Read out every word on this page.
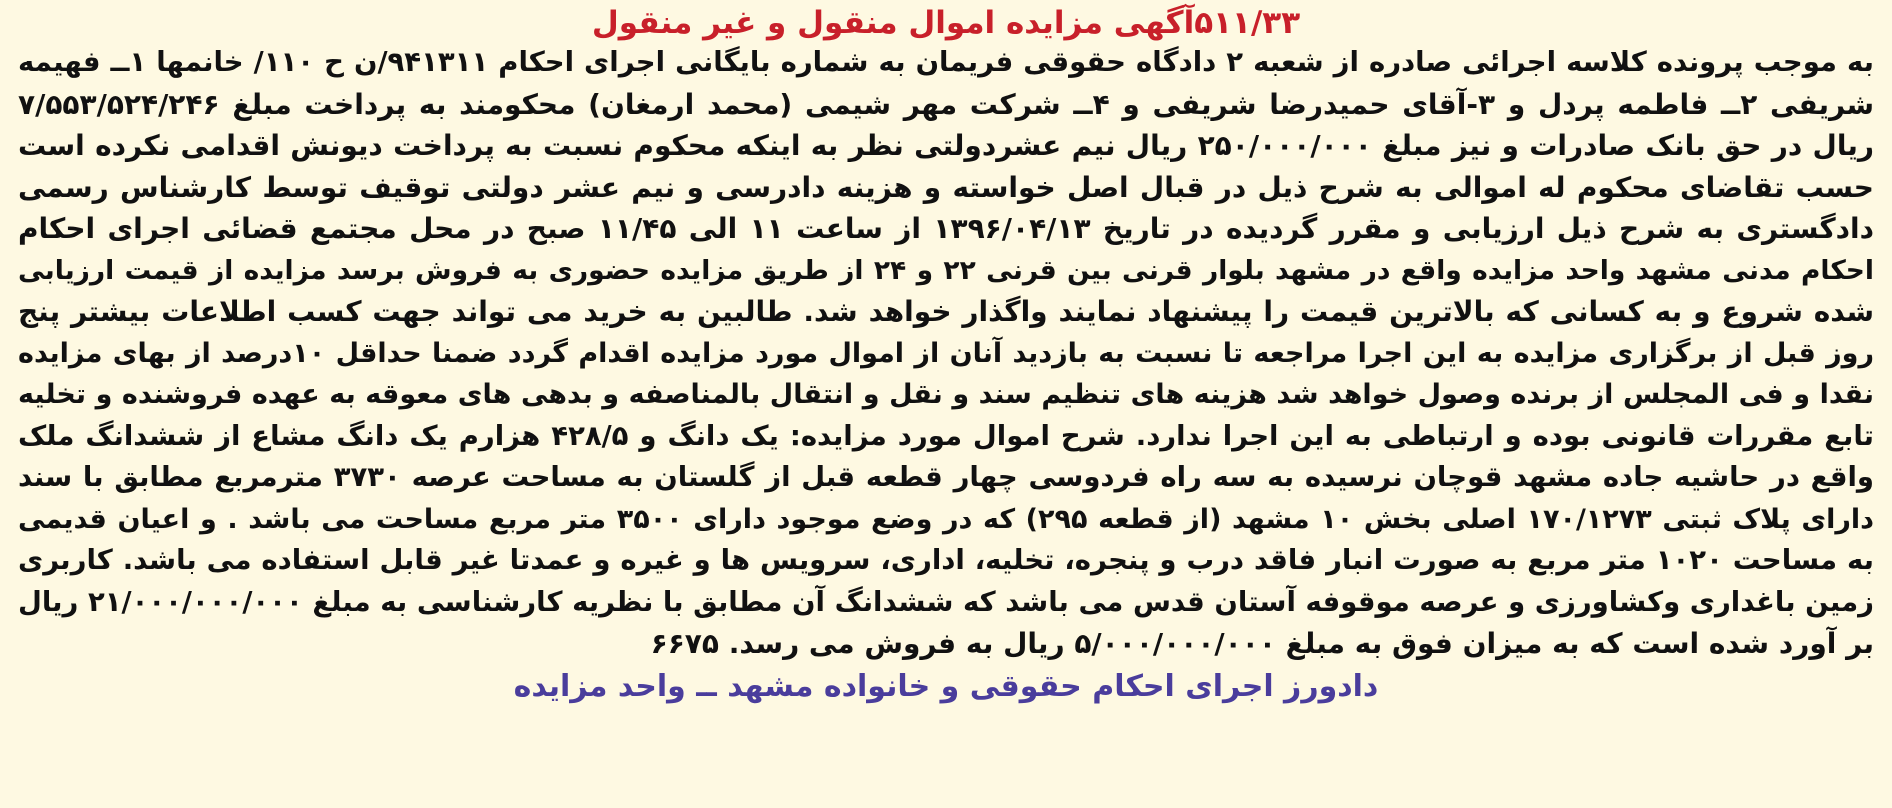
۵۱۱/۳۳آگهی مزایده اموال منقول و غیر منقول
به موجب پرونده کلاسه اجرائی صادره از شعبه ۲ دادگاه حقوقی فریمان به شماره بایگانی اجرای احکام ۹۴۱۳۱۱/ن ح ۱۱۰/ خانمها ۱ــ فهیمه
شریفی ۲ــ فاطمه پردل و ۳-آقای حمیدرضا شریفی و ۴ــ شرکت مهر شیمی (محمد ارمغان) محکومند به پرداخت مبلغ ۷/۵۵۳/۵۲۴/۲۴۶
ریال در حق بانک صادرات و نیز مبلغ ۲۵۰/۰۰۰/۰۰۰ ریال نیم عشردولتی نظر به اینکه محکوم نسبت به پرداخت دیونش اقدامی نکرده است
حسب تقاضای محکوم له اموالی به شرح ذیل در قبال اصل خواسته و هزینه دادرسی و نیم عشر دولتی توقیف توسط کارشناس رسمی
دادگستری به شرح ذیل ارزیابی و مقرر گردیده در تاریخ ۱۳۹۶/۰۴/۱۳ از ساعت ۱۱ الی ۱۱/۴۵ صبح در محل مجتمع قضائی اجرای احکام
احکام مدنی مشهد واحد مزایده واقع در مشهد بلوار قرنی بین قرنی ۲۲ و ۲۴ از طریق مزایده حضوری به فروش برسد مزایده از قیمت ارزیابی
شده شروع و به کسانی که بالاترین قیمت را پیشنهاد نمایند واگذار خواهد شد. طالبین به خرید می تواند جهت کسب اطلاعات بیشتر پنج
روز قبل از برگزاری مزایده به این اجرا مراجعه تا نسبت به بازدید آنان از اموال مورد مزایده اقدام گردد ضمنا حداقل ۱۰درصد از بهای مزایده
نقدا و فی المجلس از برنده وصول خواهد شد هزینه های تنظیم سند و نقل و انتقال بالمناصفه و بدهی های معوقه به عهده فروشنده و تخلیه
تابع مقررات قانونی بوده و ارتباطی به این اجرا ندارد. شرح اموال مورد مزایده: یک دانگ و ۴۲۸/۵ هزارم یک دانگ مشاع از ششدانگ ملک
واقع در حاشیه جاده مشهد قوچان نرسیده به سه راه فردوسی چهار قطعه قبل از گلستان به مساحت عرصه ۳۷۳۰ مترمربع مطابق با سند
دارای پلاک ثبتی ۱۷۰/۱۲۷۳ اصلی بخش ۱۰ مشهد (از قطعه ۲۹۵) که در وضع موجود دارای ۳۵۰۰ متر مربع مساحت می باشد . و اعیان قدیمی
به مساحت ۱۰۲۰ متر مربع به صورت انبار فاقد درب و پنجره، تخلیه، اداری، سرویس ها و غیره و عمدتا غیر قابل استفاده می باشد. کاربری
زمین باغداری وکشاورزی و عرصه موقوفه آستان قدس می باشد که ششدانگ آن مطابق با نظریه کارشناسی به مبلغ ۲۱/۰۰۰/۰۰۰/۰۰۰ ریال
بر آورد شده است که به میزان فوق به مبلغ ۵/۰۰۰/۰۰۰/۰۰۰ ریال به فروش می رسد. ۶۶۷۵
دادورز اجرای احکام حقوقی و خانواده مشهد ــ واحد مزایده
